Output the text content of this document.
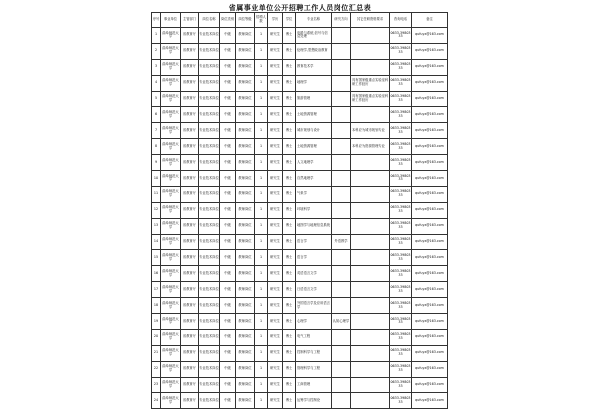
省属事业单位公开招聘工作人员岗位汇总表
序号	事业单位	主管部门	岗位名称	岗位类别	岗位等级	招聘人数	学历	学位	专业名称	研究方向	其它任职资格要求	咨询电话	备注
1	曲阜师范大学	省教育厅	专业技术岗位	中级	教师岗位	1	研究生	博士	电路与系统,信号与信息处理			0633-3980333	qufuyz@163.com
2	曲阜师范大学	省教育厅	专业技术岗位	中级	教师岗位	1	研究生	博士	伦理学,思想政治教育			0633-3980333	qufuyz@163.com
3	曲阜师范大学	省教育厅	专业技术岗位	中级	教师岗位	1	研究生	博士	教育技术学			0633-3980333	qufuyz@163.com
4	曲阜师范大学	省教育厅	专业技术岗位	中级	教师岗位	1	研究生	博士	地理学		具有国家级重点实验室科研工作经历	0633-3980333	qufuyz@163.com
5	曲阜师范大学	省教育厅	专业技术岗位	中级	教师岗位	1	研究生	博士	旅游管理		具有国家级重点实验室科研工作经历	0633-3980333	qufuyz@163.com
6	曲阜师范大学	省教育厅	专业技术岗位	中级	教师岗位	1	研究生	博士	土地资源管理			0633-3980333	qufuyz@163.com
7	曲阜师范大学	省教育厅	专业技术岗位	中级	教师岗位	1	研究生	博士	城市规划与设计		本科应为城市规划专业	0633-3980333	qufuyz@163.com
8	曲阜师范大学	省教育厅	专业技术岗位	中级	教师岗位	1	研究生	博士	土地资源管理		本科应为资源管理专业	0633-3980333	qufuyz@163.com
9	曲阜师范大学	省教育厅	专业技术岗位	中级	教师岗位	1	研究生	博士	人文地理学			0633-3980333	qufuyz@163.com
10	曲阜师范大学	省教育厅	专业技术岗位	中级	教师岗位	1	研究生	博士	自然地理学			0633-3980333	qufuyz@163.com
11	曲阜师范大学	省教育厅	专业技术岗位	中级	教师岗位	1	研究生	博士	气象学			0633-3980333	qufuyz@163.com
12	曲阜师范大学	省教育厅	专业技术岗位	中级	教师岗位	1	研究生	博士	环境科学			0633-3980333	qufuyz@163.com
13	曲阜师范大学	省教育厅	专业技术岗位	中级	教师岗位	1	研究生	博士	地图学与地理信息系统			0633-3980333	qufuyz@163.com
14	曲阜师范大学	省教育厅	专业技术岗位	中级	教师岗位	1	研究生	博士	语言学	外语教学		0633-3980333	qufuyz@163.com
15	曲阜师范大学	省教育厅	专业技术岗位	中级	教师岗位	1	研究生	博士	语言学			0633-3980333	qufuyz@163.com
16	曲阜师范大学	省教育厅	专业技术岗位	中级	教师岗位	1	研究生	博士	英语语言文学			0633-3980333	qufuyz@163.com
17	曲阜师范大学	省教育厅	专业技术岗位	中级	教师岗位	1	研究生	博士	日语语言文学			0633-3980333	qufuyz@163.com
18	曲阜师范大学	省教育厅	专业技术岗位	中级	教师岗位	1	研究生	博士	外国语言学及应用语言学			0633-3980333	qufuyz@163.com
19	曲阜师范大学	省教育厅	专业技术岗位	中级	教师岗位	1	研究生	博士	心理学	认知心理学		0633-3980333	qufuyz@163.com
20	曲阜师范大学	省教育厅	专业技术岗位	中级	教师岗位	1	研究生	博士	电气工程			0633-3980333	qufuyz@163.com
21	曲阜师范大学	省教育厅	专业技术岗位	中级	教师岗位	1	研究生	博士	控制科学与工程			0633-3980333	qufuyz@163.com
22	曲阜师范大学	省教育厅	专业技术岗位	中级	教师岗位	1	研究生	博士	管理科学与工程			0633-3980333	qufuyz@163.com
23	曲阜师范大学	省教育厅	专业技术岗位	中级	教师岗位	1	研究生	博士	工商管理			0633-3980333	qufuyz@163.com
24	曲阜师范大学	省教育厅	专业技术岗位	中级	教师岗位	1	研究生	博士	运筹学与控制论			0633-3980333	qufuyz@163.com
